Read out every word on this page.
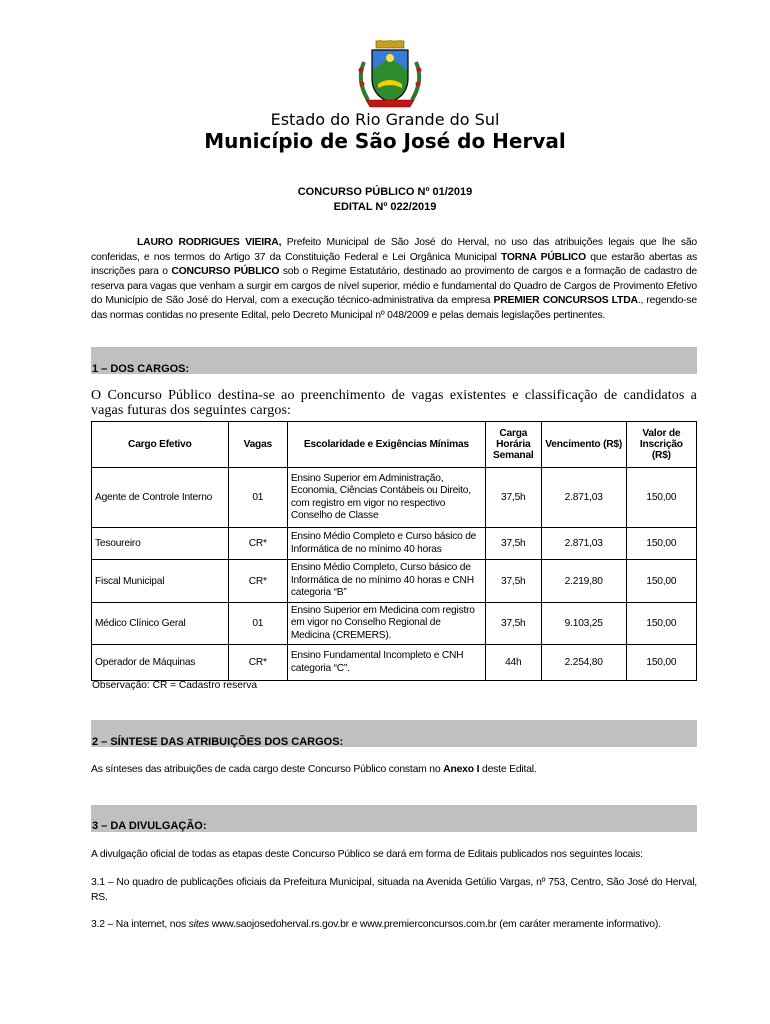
Estado do Rio Grande do Sul
Município de São José do Herval
CONCURSO PÚBLICO Nº 01/2019
EDITAL Nº 022/2019
LAURO RODRIGUES VIEIRA, Prefeito Municipal de São José do Herval, no uso das atribuições legais que lhe são conferidas, e nos termos do Artigo 37 da Constituição Federal e Lei Orgânica Municipal TORNA PÚBLICO que estarão abertas as inscrições para o CONCURSO PÚBLICO sob o Regime Estatutário, destinado ao provimento de cargos e a formação de cadastro de reserva para vagas que venham a surgir em cargos de nível superior, médio e fundamental do Quadro de Cargos de Provimento Efetivo do Município de São José do Herval, com a execução técnico-administrativa da empresa PREMIER CONCURSOS LTDA., regendo-se das normas contidas no presente Edital, pelo Decreto Municipal nº 048/2009 e pelas demais legislações pertinentes.
1 – DOS CARGOS:
O Concurso Público destina-se ao preenchimento de vagas existentes e classificação de candidatos a vagas futuras dos seguintes cargos:
Cargo Efetivo	Vagas	Escolaridade e Exigências Mínimas	Carga Horária Semanal	Vencimento (R$)	Valor de Inscrição (R$)
Agente de Controle Interno	01	Ensino Superior em Administração, Economia, Ciências Contábeis ou Direito, com registro em vigor no respectivo Conselho de Classe	37,5h	2.871,03	150,00
Tesoureiro	CR*	Ensino Médio Completo e Curso básico de Informática de no mínimo 40 horas	37,5h	2.871,03	150,00
Fiscal Municipal	CR*	Ensino Médio Completo, Curso básico de Informática de no mínimo 40 horas e CNH categoria “B”	37,5h	2.219,80	150,00
Médico Clínico Geral	01	Ensino Superior em Medicina com registro em vigor no Conselho Regional de Medicina (CREMERS).	37,5h	9.103,25	150,00
Operador de Máquinas	CR*	Ensino Fundamental Incompleto e CNH categoria “C”.	44h	2.254,80	150,00
Observação: CR = Cadastro reserva
2 – SÍNTESE DAS ATRIBUIÇÕES DOS CARGOS:
As sínteses das atribuições de cada cargo deste Concurso Público constam no Anexo I deste Edital.
3 – DA DIVULGAÇÃO:
A divulgação oficial de todas as etapas deste Concurso Público se dará em forma de Editais publicados nos seguintes locais:
3.1 – No quadro de publicações oficiais da Prefeitura Municipal, situada na Avenida Getúlio Vargas, nº 753, Centro, São José do Herval, RS.
3.2 – Na internet, nos sites www.saojosedoherval.rs.gov.br e www.premierconcursos.com.br (em caráter meramente informativo).
